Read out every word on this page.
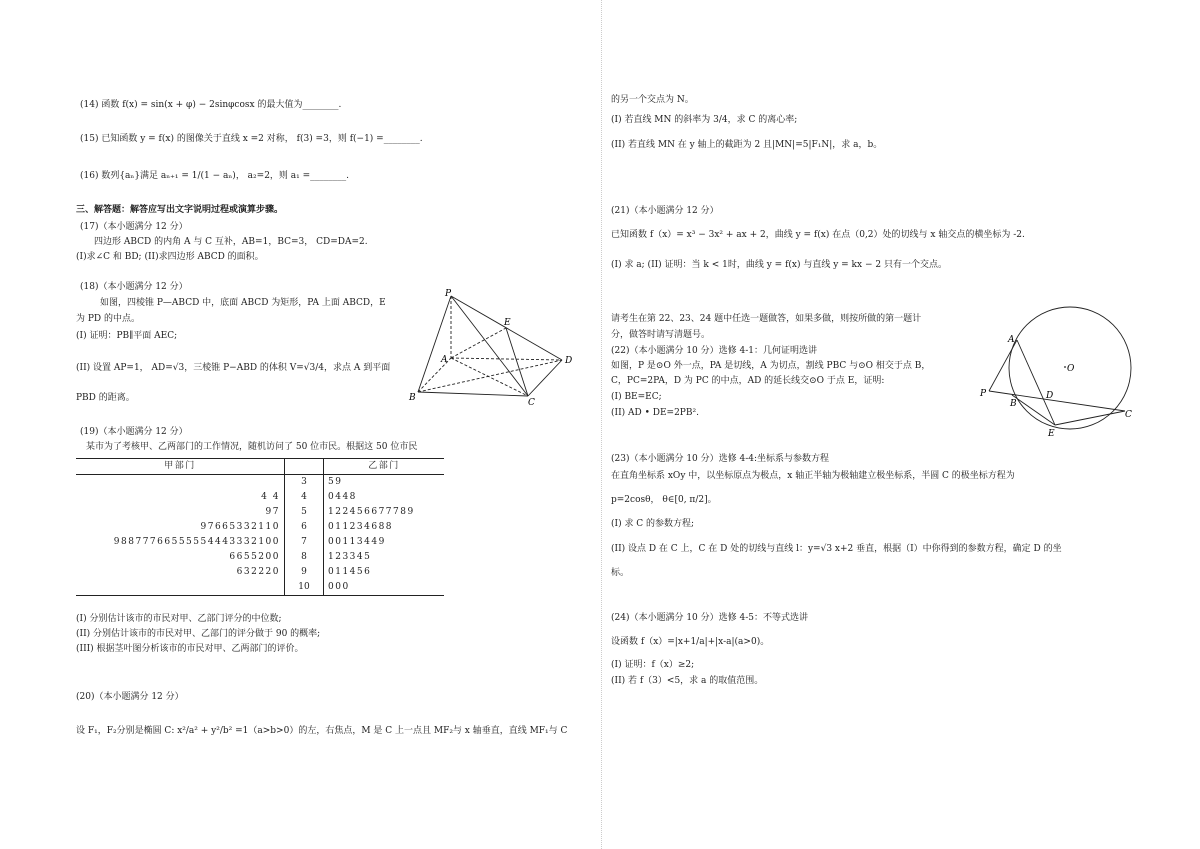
(14) 函数 f(x) = sin(x + φ) − 2sinφcosx 的最大值为________.
(15) 已知函数 y = f(x) 的图像关于直线 x =2 对称， f(3) =3，则 f(−1) =________.
(16) 数列{aₙ}满足 aₙ₊₁ = 1/(1 − aₙ)， a₂=2，则 a₁ =________.
三、解答题：解答应写出文字说明过程或演算步骤。
(17)（本小题满分 12 分）
四边形 ABCD 的内角 A 与 C 互补，AB=1，BC=3， CD=DA=2.
(I)求∠C 和 BD; (II)求四边形 ABCD 的面积。
(18)（本小题满分 12 分）
如图，四棱锥 P—ABCD 中，底面 ABCD 为矩形，PA 上面 ABCD，E
为 PD 的中点。
(I) 证明：PB∥平面 AEC;
(II) 设置 AP=1， AD=√3，三棱锥 P−ABD 的体积 V=√3/4，求点 A 到平面
PBD 的距离。
P
A
B	C
D
E
(19)（本小题满分 12 分）
某市为了考核甲、乙两部门的工作情况，随机访问了 50 位市民。根据这 50 位市民
甲部门		乙部门
	3	59
4 4	4	0448
97	5	122456677789
97665332110	6	011234688
98877766555554443332100	7	00113449
6655200	8	123345
632220	9	011456
	10	000
(I) 分别估计该市的市民对甲、乙部门评分的中位数;
(II) 分别估计该市的市民对甲、乙部门的评分做于 90 的概率;
(III) 根据茎叶图分析该市的市民对甲、乙两部门的评价。
(20)（本小题满分 12 分）
设 F₁，F₂分别是椭圆 C: x²/a² + y²/b² =1（a>b>0）的左，右焦点，M 是 C 上一点且 MF₂与 x 轴垂直，直线 MF₁与 C
的另一个交点为 N。
(I) 若直线 MN 的斜率为 3/4，求 C 的离心率;
(II) 若直线 MN 在 y 轴上的截距为 2 且|MN|=5|F₁N|，求 a，b。
(21)（本小题满分 12 分）
已知函数 f（x）= x³ − 3x² + ax + 2，曲线 y = f(x) 在点（0,2）处的切线与 x 轴交点的横坐标为 -2.
(I) 求 a; (II) 证明：当 k < 1时，曲线 y = f(x) 与直线 y = kx − 2 只有一个交点。
请考生在第 22、23、24 题中任选一题做答，如果多做，则按所做的第一题计
分，做答时请写清题号。
(22)（本小题满分 10 分）选修 4-1：几何证明选讲
如图，P 是⊙O 外一点，PA 是切线，A 为切点，割线 PBC 与⊙O 相交于点 B，
C，PC=2PA，D 为 PC 的中点，AD 的延长线交⊙O 于点 E，证明:
(I) BE=EC;
(II) AD • DE=2PB².
A
O
P
B
D
C
E
(23)（本小题满分 10 分）选修 4-4:坐标系与参数方程
在直角坐标系 xOy 中，以坐标原点为极点，x 轴正半轴为极轴建立极坐标系，半圆 C 的极坐标方程为
p=2cosθ， θ∈[0, π/2]。
(I) 求 C 的参数方程;
(II) 设点 D 在 C 上，C 在 D 处的切线与直线 l：y=√3 x+2 垂直，根据（I）中你得到的参数方程，确定 D 的坐
标。
(24)（本小题满分 10 分）选修 4-5：不等式选讲
设函数 f（x）=|x+1/a|+|x-a|(a>0)。
(I) 证明：f（x）≥2;
(II) 若 f（3）<5，求 a 的取值范围。
